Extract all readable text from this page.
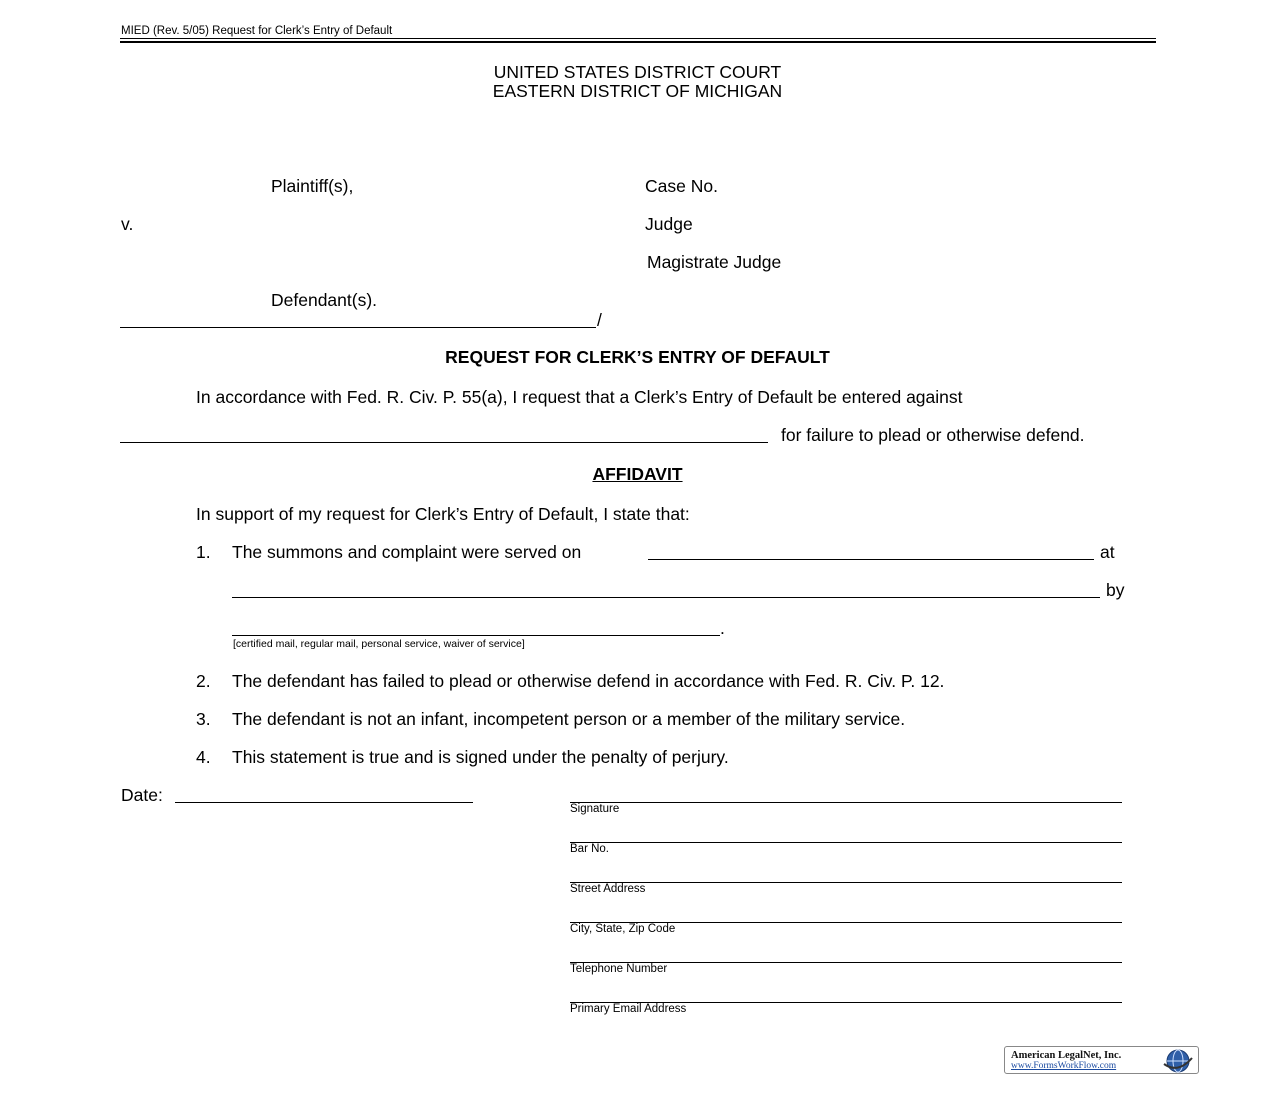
MIED (Rev. 5/05) Request for Clerk’s Entry of Default
UNITED STATES DISTRICT COURT
EASTERN DISTRICT OF MICHIGAN
Plaintiff(s),
v.
Defendant(s).
/
Case No.
Judge
Magistrate Judge
REQUEST FOR CLERK’S ENTRY OF DEFAULT
In accordance with Fed. R. Civ. P. 55(a), I request that a Clerk’s Entry of Default be entered against
for failure to plead or otherwise defend.
AFFIDAVIT
In support of my request for Clerk’s Entry of Default, I state that:
1. The summons and complaint were served on	at
by
.
[certified mail, regular mail, personal service, waiver of service]
2. The defendant has failed to plead or otherwise defend in accordance with Fed. R. Civ. P. 12.
3. The defendant is not an infant, incompetent person or a member of the military service.
4. This statement is true and is signed under the penalty of perjury.
Date:
Signature
Bar No.
Street Address
City, State, Zip Code
Telephone Number
Primary Email Address
American LegalNet, Inc.
www.FormsWorkFlow.com
